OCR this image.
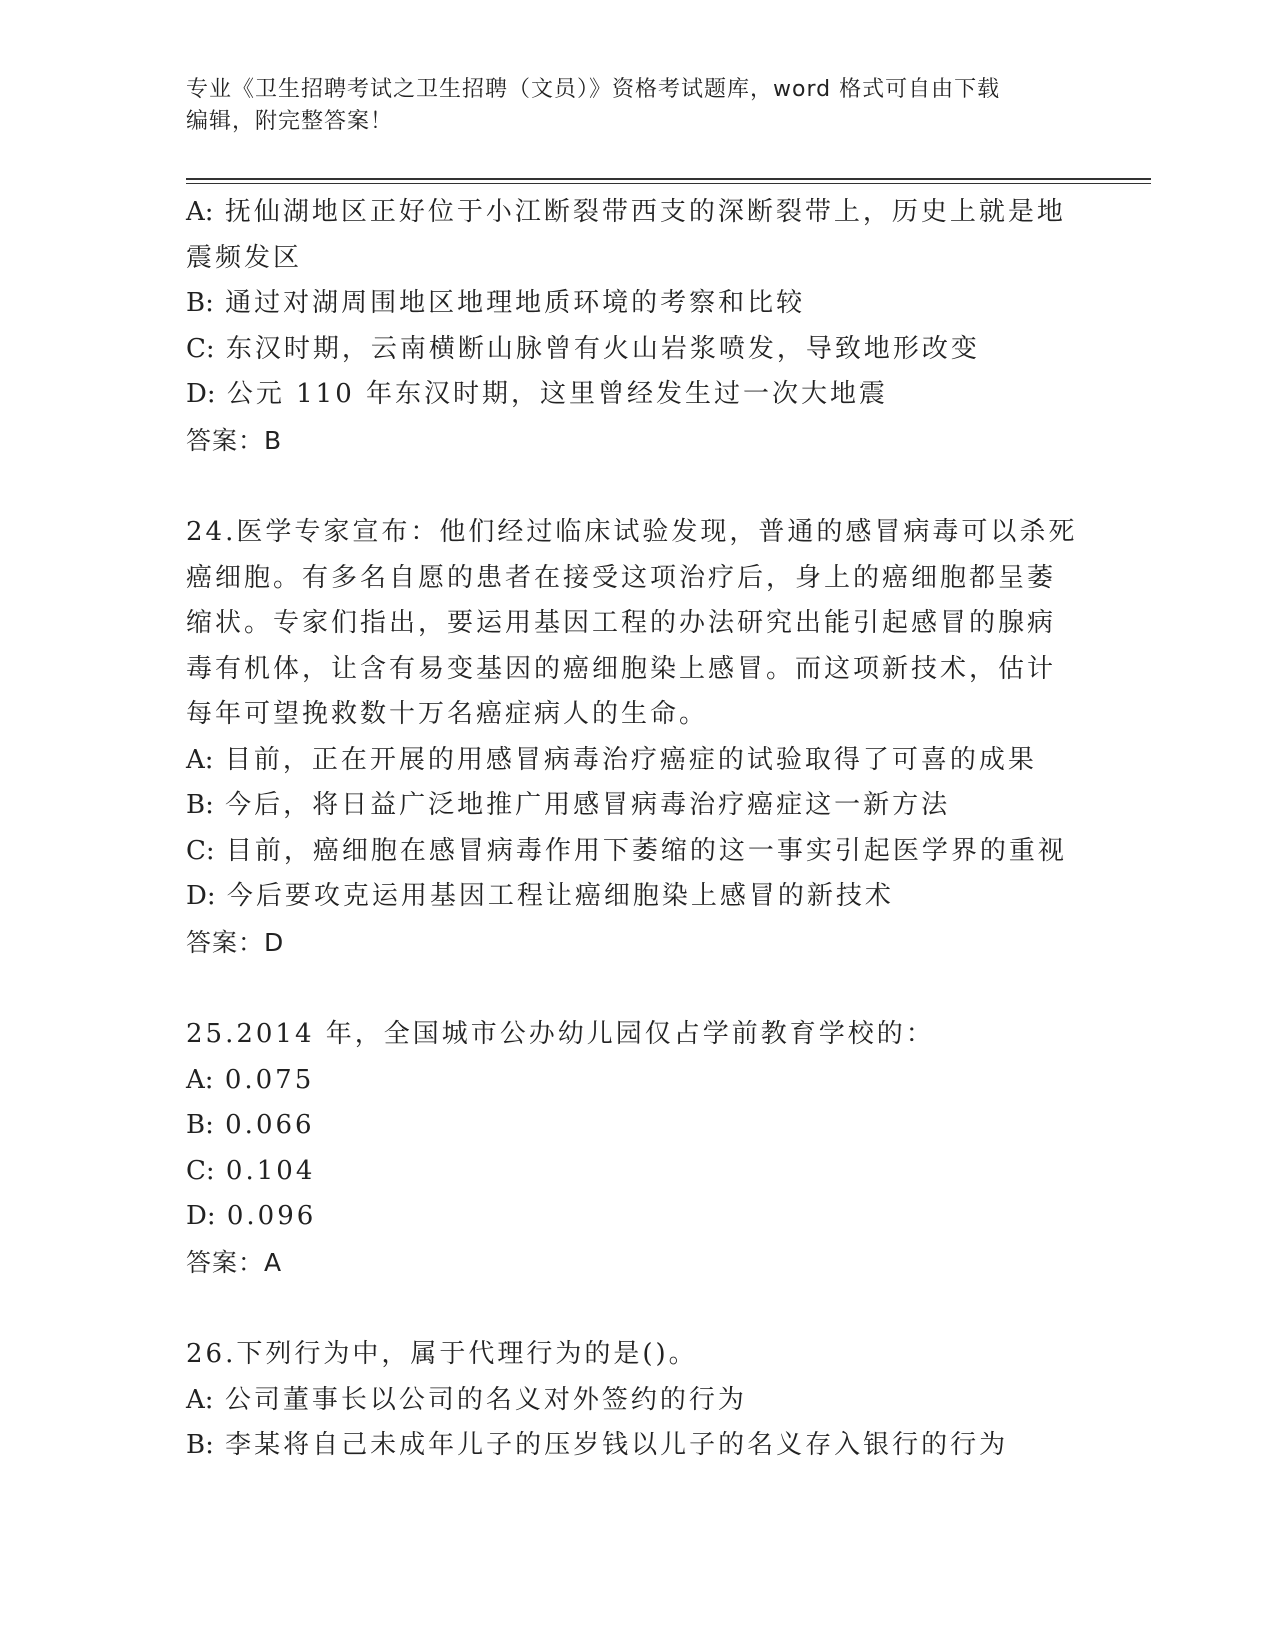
专业《卫生招聘考试之卫生招聘（文员）》资格考试题库，word 格式可自由下载
编辑，附完整答案！
A: 抚仙湖地区正好位于小江断裂带西支的深断裂带上，历史上就是地
震频发区
B: 通过对湖周围地区地理地质环境的考察和比较
C: 东汉时期，云南横断山脉曾有火山岩浆喷发，导致地形改变
D: 公元 110 年东汉时期，这里曾经发生过一次大地震
答案：B
24.医学专家宣布：他们经过临床试验发现，普通的感冒病毒可以杀死
癌细胞。有多名自愿的患者在接受这项治疗后，身上的癌细胞都呈萎
缩状。专家们指出，要运用基因工程的办法研究出能引起感冒的腺病
毒有机体，让含有易变基因的癌细胞染上感冒。而这项新技术，估计
每年可望挽救数十万名癌症病人的生命。
A: 目前，正在开展的用感冒病毒治疗癌症的试验取得了可喜的成果
B: 今后，将日益广泛地推广用感冒病毒治疗癌症这一新方法
C: 目前，癌细胞在感冒病毒作用下萎缩的这一事实引起医学界的重视
D: 今后要攻克运用基因工程让癌细胞染上感冒的新技术
答案：D
25.2014 年，全国城市公办幼儿园仅占学前教育学校的：
A: 0.075
B: 0.066
C: 0.104
D: 0.096
答案：A
26.下列行为中，属于代理行为的是()。
A: 公司董事长以公司的名义对外签约的行为
B: 李某将自己未成年儿子的压岁钱以儿子的名义存入银行的行为
